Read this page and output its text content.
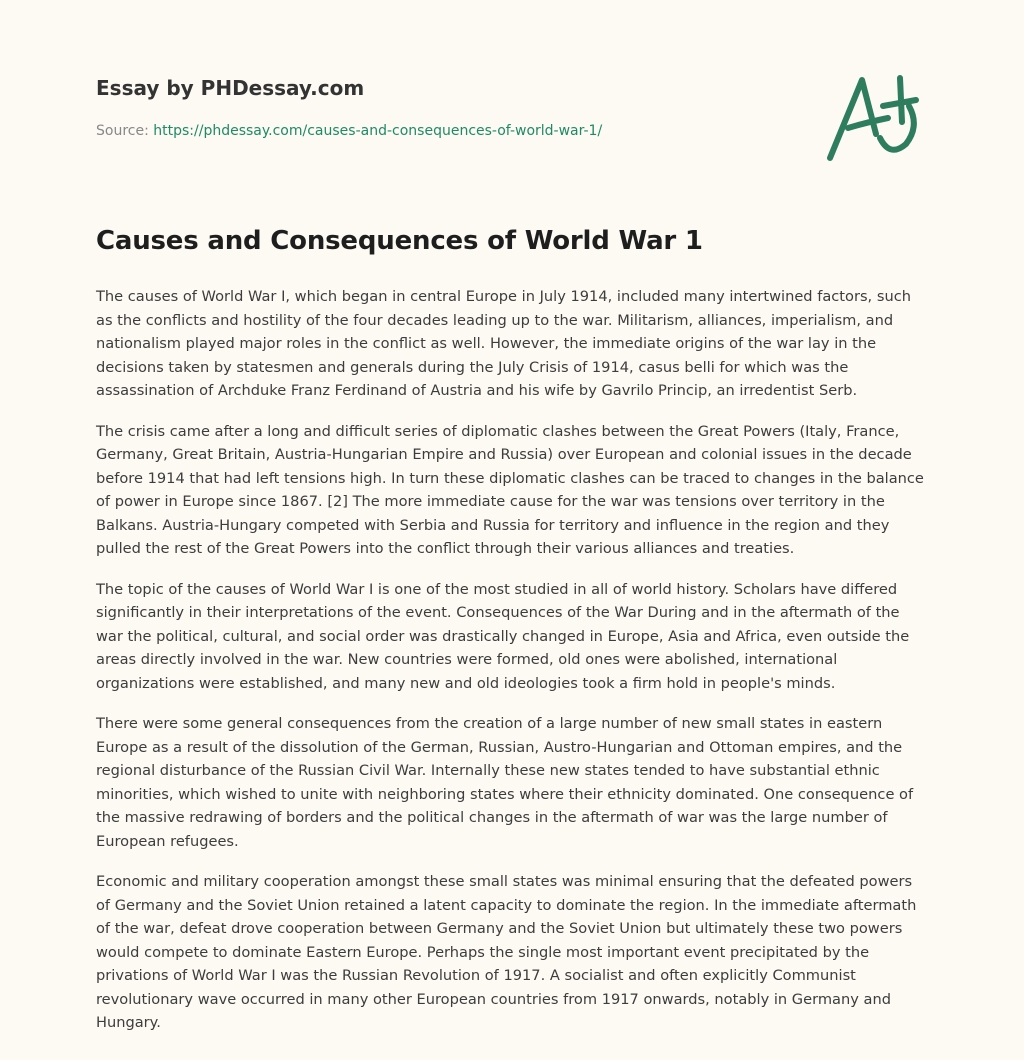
Essay by PHDessay.com
Source: https://phdessay.com/causes-and-consequences-of-world-war-1/
Causes and Consequences of World War 1

The causes of World War I, which began in central Europe in July 1914, included many intertwined factors, such
as the conflicts and hostility of the four decades leading up to the war. Militarism, alliances, imperialism, and
nationalism played major roles in the conflict as well. However, the immediate origins of the war lay in the
decisions taken by statesmen and generals during the July Crisis of 1914, casus belli for which was the
assassination of Archduke Franz Ferdinand of Austria and his wife by Gavrilo Princip, an irredentist Serb.

The crisis came after a long and difficult series of diplomatic clashes between the Great Powers (Italy, France,
Germany, Great Britain, Austria-Hungarian Empire and Russia) over European and colonial issues in the decade
before 1914 that had left tensions high. In turn these diplomatic clashes can be traced to changes in the balance
of power in Europe since 1867. [2] The more immediate cause for the war was tensions over territory in the
Balkans. Austria-Hungary competed with Serbia and Russia for territory and influence in the region and they
pulled the rest of the Great Powers into the conflict through their various alliances and treaties.

The topic of the causes of World War I is one of the most studied in all of world history. Scholars have differed
significantly in their interpretations of the event. Consequences of the War During and in the aftermath of the
war the political, cultural, and social order was drastically changed in Europe, Asia and Africa, even outside the
areas directly involved in the war. New countries were formed, old ones were abolished, international
organizations were established, and many new and old ideologies took a firm hold in people's minds.

There were some general consequences from the creation of a large number of new small states in eastern
Europe as a result of the dissolution of the German, Russian, Austro-Hungarian and Ottoman empires, and the
regional disturbance of the Russian Civil War. Internally these new states tended to have substantial ethnic
minorities, which wished to unite with neighboring states where their ethnicity dominated. One consequence of
the massive redrawing of borders and the political changes in the aftermath of war was the large number of
European refugees.

Economic and military cooperation amongst these small states was minimal ensuring that the defeated powers
of Germany and the Soviet Union retained a latent capacity to dominate the region. In the immediate aftermath
of the war, defeat drove cooperation between Germany and the Soviet Union but ultimately these two powers
would compete to dominate Eastern Europe. Perhaps the single most important event precipitated by the
privations of World War I was the Russian Revolution of 1917. A socialist and often explicitly Communist
revolutionary wave occurred in many other European countries from 1917 onwards, notably in Germany and
Hungary.
